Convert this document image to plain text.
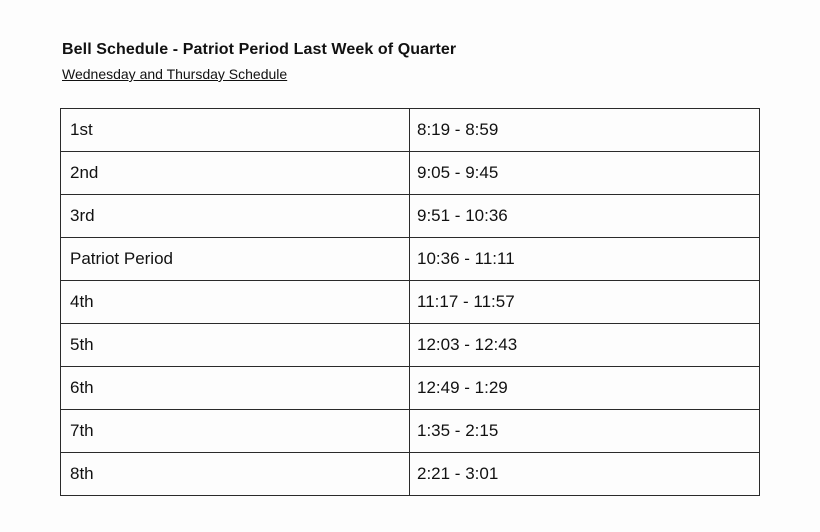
Bell Schedule - Patriot Period Last Week of Quarter
Wednesday and Thursday Schedule
1st	8:19 - 8:59
2nd	9:05 - 9:45
3rd	9:51 - 10:36
Patriot Period	10:36 - 11:11
4th	11:17 - 11:57
5th	12:03 - 12:43
6th	12:49 - 1:29
7th	1:35 - 2:15
8th	2:21 - 3:01
